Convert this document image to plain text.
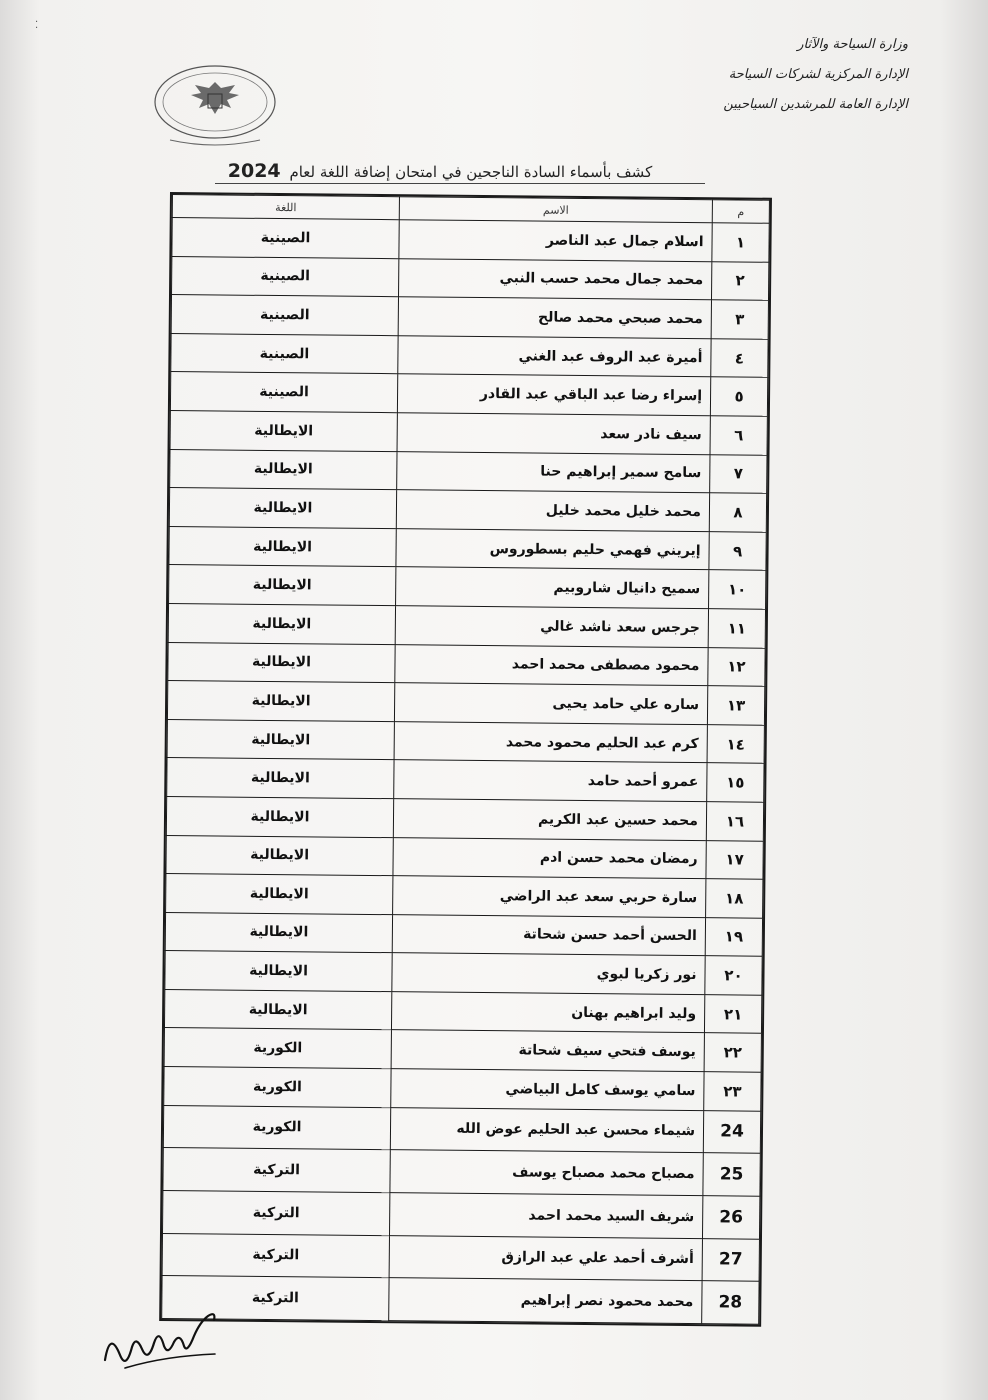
⁚
وزارة السياحة والآثار
الإدارة المركزية لشركات السياحة
الإدارة العامة للمرشدين السياحيين
كشف بأسماء السادة الناجحين في امتحان إضافة اللغة لعام 2024
م	الاسم	اللغة
١	اسلام جمال عبد الناصر	الصينية
٢	محمد جمال محمد حسب النبي	الصينية
٣	محمد صبحي محمد صالح	الصينية
٤	أميرة عبد الروف عبد الغني	الصينية
٥	إسراء رضا عبد الباقي عبد القادر	الصينية
٦	سيف نادر سعد	الايطالية
٧	سامح سمير إبراهيم حنا	الايطالية
٨	محمد خليل محمد خليل	الايطالية
٩	إيريني فهمي حليم بسطوروس	الايطالية
١٠	سميح دانيال شاروبيم	الايطالية
١١	جرجس سعد ناشد غالي	الايطالية
١٢	محمود مصطفى محمد احمد	الايطالية
١٣	ساره علي حامد يحيى	الايطالية
١٤	كرم عبد الحليم محمود محمد	الايطالية
١٥	عمرو أحمد حامد	الايطالية
١٦	محمد حسين عبد الكريم	الايطالية
١٧	رمضان محمد حسن ادم	الايطالية
١٨	سارة حربي سعد عبد الراضي	الايطالية
١٩	الحسن أحمد حسن شحاتة	الايطالية
٢٠	نور زكريا لبوي	الايطالية
٢١	وليد ابراهيم بهنان	الايطالية
٢٢	يوسف فتحي سيف شحاتة	الكورية
٢٣	سامي يوسف كامل البياضي	الكورية
24	شيماء محسن عبد الحليم عوض الله	الكورية
25	مصباح محمد مصباح يوسف	التركية
26	شريف السيد محمد احمد	التركية
27	أشرف أحمد علي عبد الرازق	التركية
28	محمد محمود نصر إبراهيم	التركية
